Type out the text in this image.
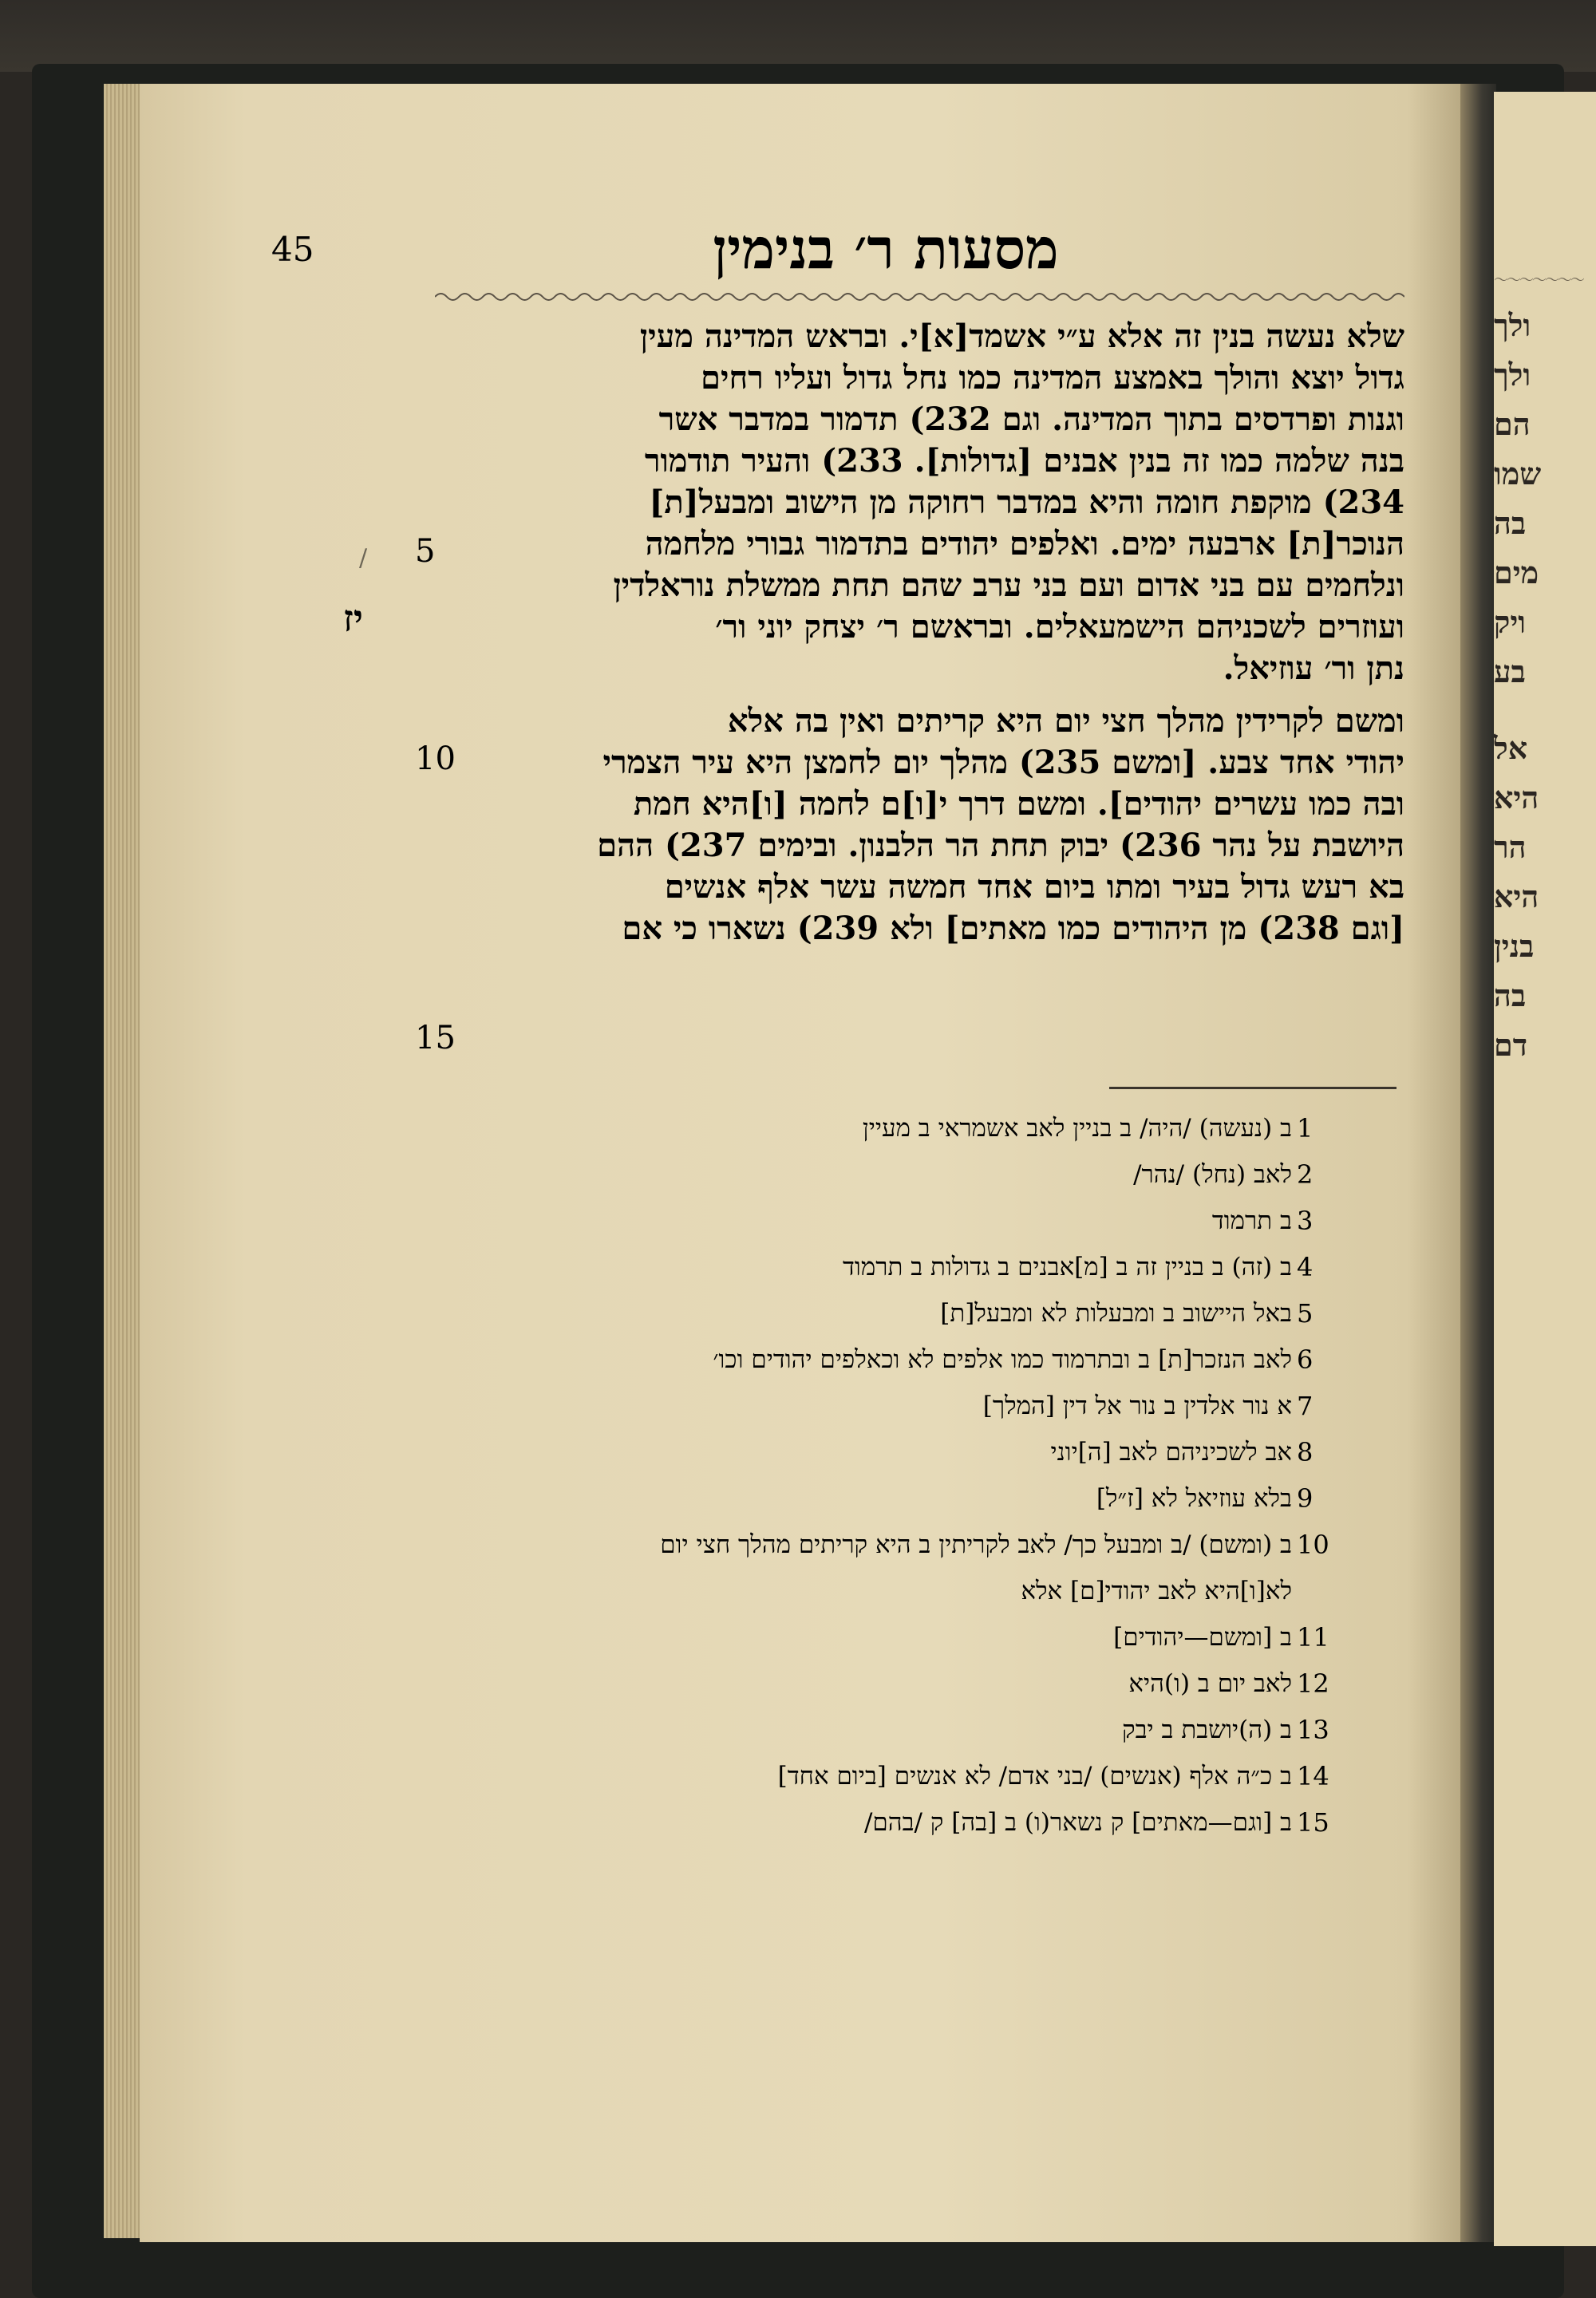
〜〜〜〜〜〜〜
ולך
ולך
הם
שמו
בה
מים
ויק
בע
אל
היא
הר
היא
בנין
בה
דם
45	מסעות ר׳ בנימין
/
יז
5
10
15
שלא נעשה בנין זה אלא ע״י אשמד[א]י. ובראש המדינה מעין
גדול יוצא והולך באמצע המדינה כמו נחל גדול ועליו רחים
וגנות ופרדסים בתוך המדינה. וגם 232) תדמור במדבר אשר
בנה שלמה כמו זה בנין אבנים [גדולות]. 233) והעיר תודמור
234) מוקפת חומה והיא במדבר רחוקה מן הישוב ומבעל[ת]
הנוכר[ת] ארבעה ימים. ואלפים יהודים בתדמור גבורי מלחמה
ונלחמים עם בני אדום ועם בני ערב שהם תחת ממשלת נוראלדין
ועוזרים לשכניהם הישמעאלים. ובראשם ר׳ יצחק יוני ור׳
נתן ור׳ עוזיאל.
ומשם לקרידין מהלך חצי יום היא קריתים ואין בה אלא
יהודי אחד צבע. [ומשם 235) מהלך יום לחמצן היא עיר הצמרי
ובה כמו עשרים יהודים]. ומשם דרך י[ו]ם לחמה [ו]היא חמת
היושבת על נהר 236) יבוק תחת הר הלבנון. ובימים 237) ההם
בא רעש גדול בעיר ומתו ביום אחד חמשה עשר אלף אנשים
[וגם 238) מן היהודים כמו מאתים] ולא 239) נשארו כי אם
1
ב (נעשה) /היה/ ב בניין לאב אשמראי ב מעיין
2
לאב (נחל) /נהר/
3
ב תרמוד
4
ב (זה) ב בניין זה ב [מ]אבנים ב גדולות ב תרמוד
5
באל היישוב ב ומבעלות לא ומבעל[ת]
6
לאב הנזכר[ת] ב ובתרמוד כמו אלפים לא וכאלפים יהודים וכו׳
7
א נור אלדין ב נור אל דין [המלך]
8
אב לשכיניהם לאב [ה]יוני
9
בלא עוזיאל לא [ז״ל]
10
ב (ומשם) /ב ומבעל כך/ לאב לקריתין ב היא קריתים מהלך חצי יום
לא[ו]היא לאב יהודי[ם] אלא
11
ב [ומשם—יהודים]
12
לאב יום ב (ו)היא
13
ב (ה)יושבת ב יבק
14
ב כ״ה אלף (אנשים) /בני אדם/ לא אנשים [ביום אחד]
15
ב [וגם—מאתים] ק נשאר(ו) ב [בה] ק /בהם/
